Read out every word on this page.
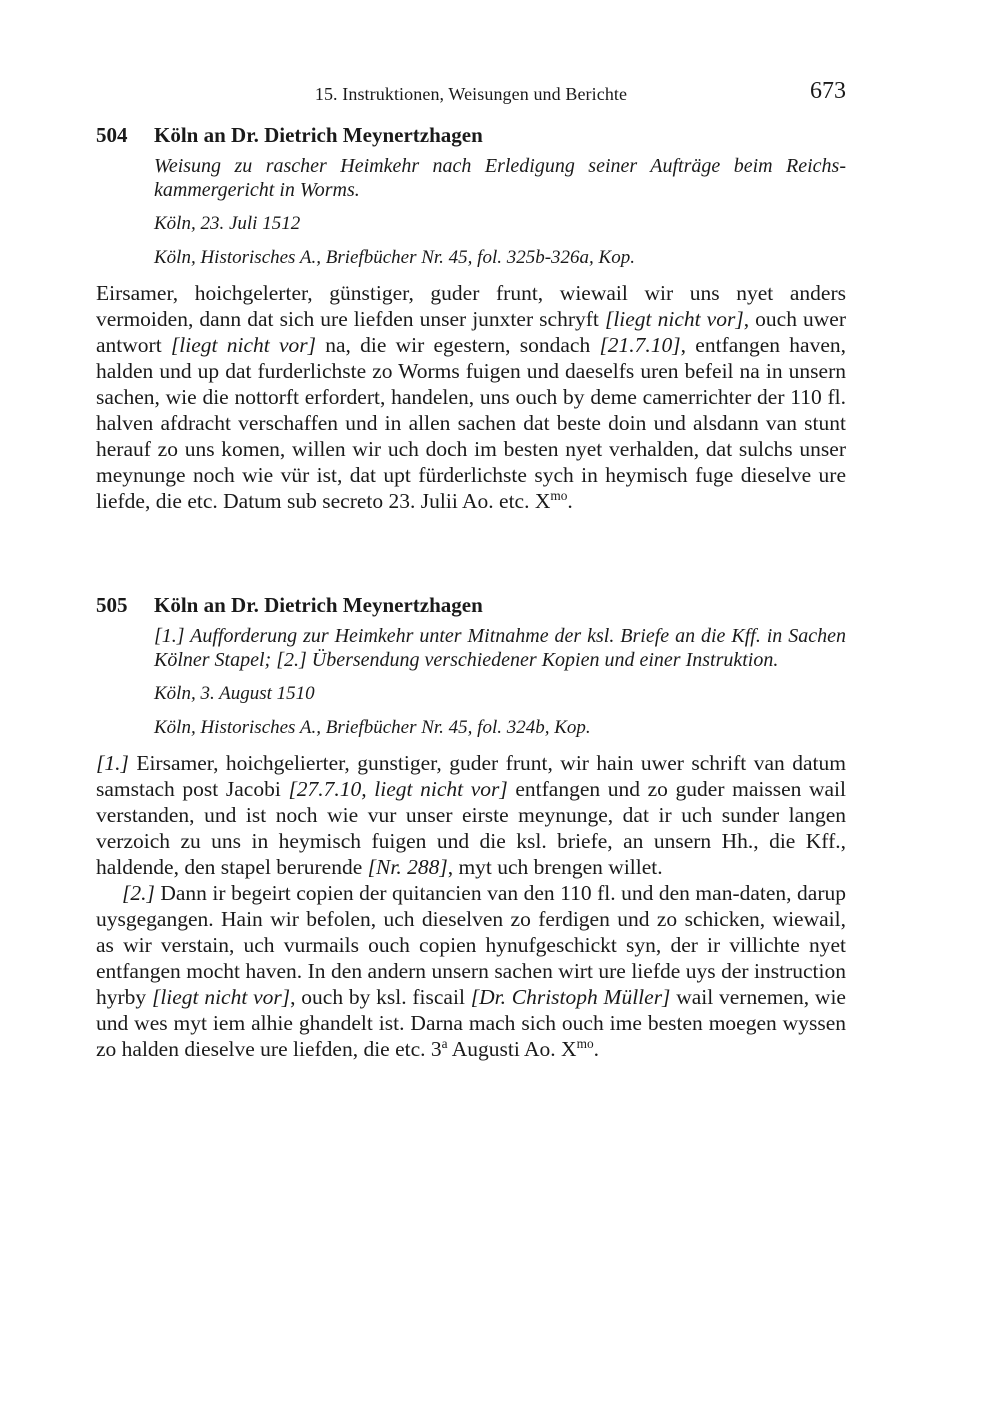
15. Instruktionen, Weisungen und Berichte	673
504	Köln an Dr. Dietrich Meynertzhagen
Weisung zu rascher Heimkehr nach Erledigung seiner Aufträge beim Reichs-kammergericht in Worms.
Köln, 23. Juli 1512
Köln, Historisches A., Briefbücher Nr. 45, fol. 325b-326a, Kop.

Eirsamer, hoichgelerter, günstiger, guder frunt, wiewail wir uns nyet anders vermoiden, dann dat sich ure liefden unser junxter schryft [liegt nicht vor], ouch uwer antwort [liegt nicht vor] na, die wir egestern, sondach [21.7.10], entfangen haven, halden und up dat furderlichste zo Worms fuigen und daeselfs uren befeil na in unsern sachen, wie die nottorft erfordert, handelen, uns ouch by deme camerrichter der 110 fl. halven afdracht verschaffen und in allen sachen dat beste doin und alsdann van stunt herauf zo uns komen, willen wir uch doch im besten nyet verhalden, dat sulchs unser meynunge noch wie vür ist, dat upt fürderlichste sych in heymisch fuge dieselve ure liefde, die etc. Datum sub secreto 23. Julii Ao. etc. $X^{mo}$.

505	Köln an Dr. Dietrich Meynertzhagen
[1.] Aufforderung zur Heimkehr unter Mitnahme der ksl. Briefe an die Kff. in Sachen Kölner Stapel; [2.] Übersendung verschiedener Kopien und einer Instruktion.
Köln, 3. August 1510
Köln, Historisches A., Briefbücher Nr. 45, fol. 324b, Kop.

[1.] Eirsamer, hoichgelierter, gunstiger, guder frunt, wir hain uwer schrift van datum samstach post Jacobi [27.7.10, liegt nicht vor] entfangen und zo guder maissen wail verstanden, und ist noch wie vur unser eirste meynunge, dat ir uch sunder langen verzoich zu uns in heymisch fuigen und die ksl. briefe, an unsern Hh., die Kff., haldende, den stapel berurende [Nr. 288], myt uch brengen willet.

[2.] Dann ir begeirt copien der quitancien van den 110 fl. und den man-daten, darup uysgegangen. Hain wir befolen, uch dieselven zo ferdigen und zo schicken, wiewail, as wir verstain, uch vurmails ouch copien hynufgeschickt syn, der ir villichte nyet entfangen mocht haven. In den andern unsern sachen wirt ure liefde uys der instruction hyrby [liegt nicht vor], ouch by ksl. fiscail [Dr. Christoph Müller] wail vernemen, wie und wes myt iem alhie ghandelt ist. Darna mach sich ouch ime besten moegen wyssen zo halden dieselve ure liefden, die etc. 3$^a$ Augusti Ao. $X^{mo}$.
